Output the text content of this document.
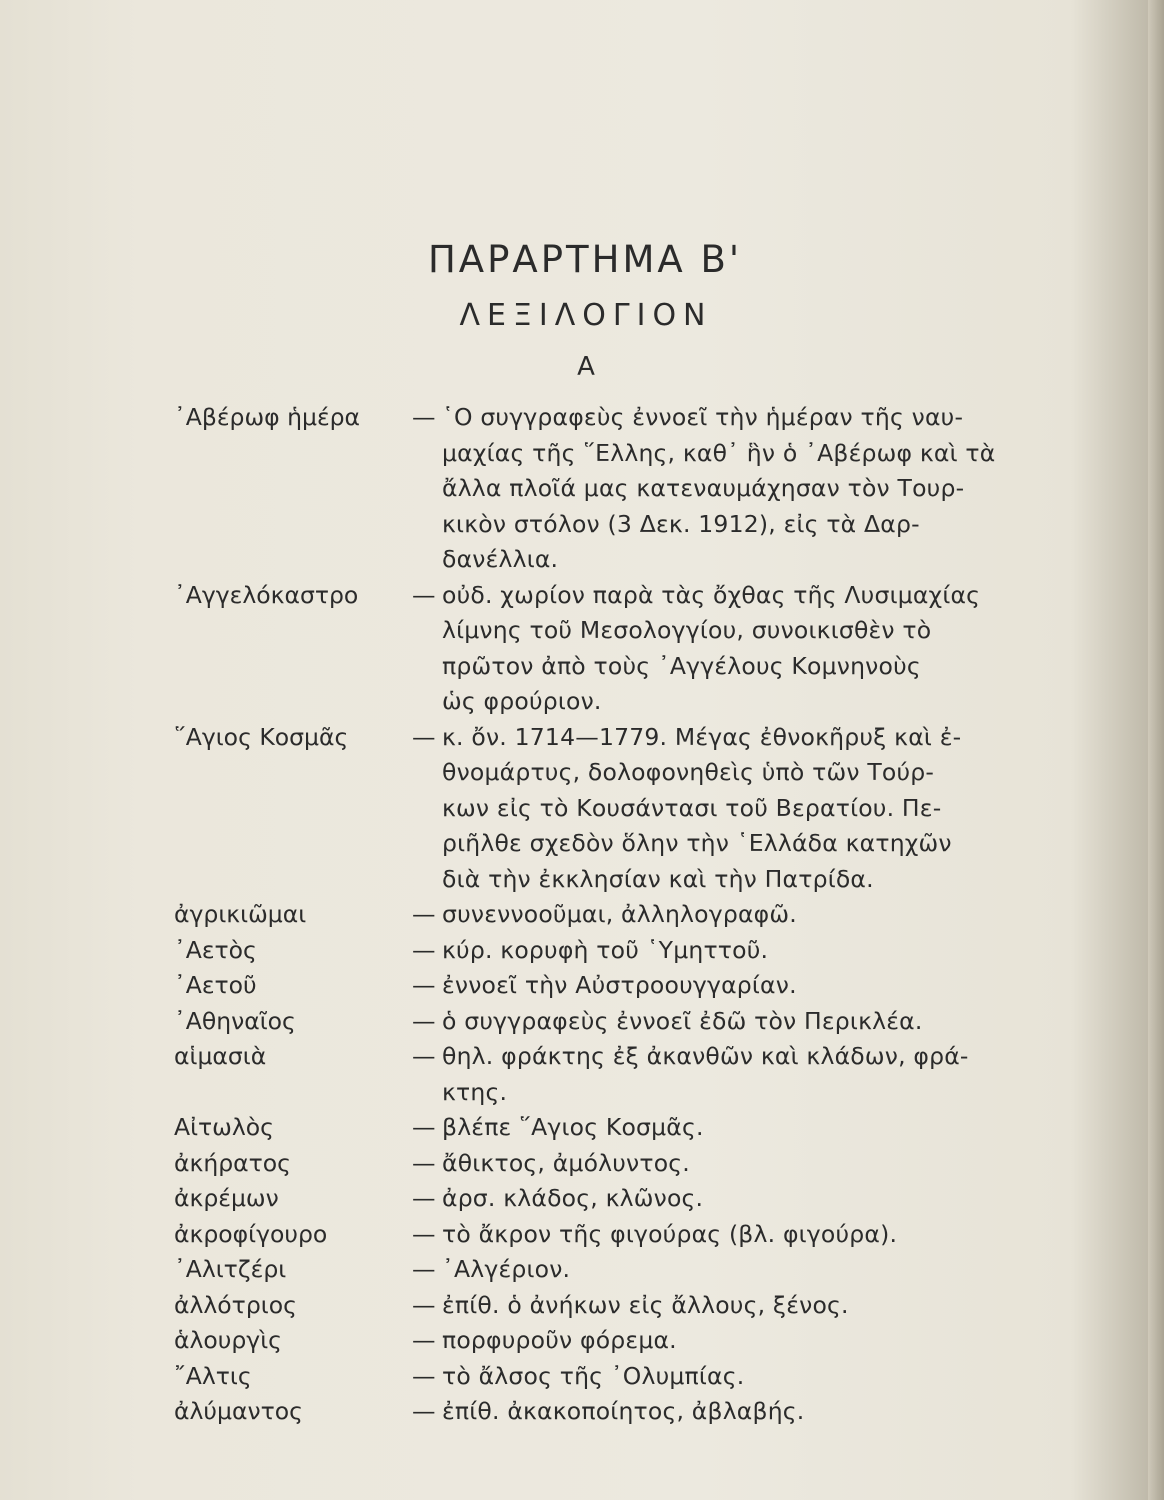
ΠΑΡΑΡΤΗΜΑ Β'
ΛΕΞΙΛΟΓΙΟΝ
Α
᾿Αβέρωφ ἡμέρα	— ῾Ο συγγραφεὺς ἐννοεῖ τὴν ἡμέραν τῆς ναυ-
μαχίας τῆς ῞Ελλης, καθ᾿ ἣν ὁ ᾿Αβέρωφ καὶ τὰ
ἄλλα πλοῖά μας κατεναυμάχησαν τὸν Τουρ-
κικὸν στόλον (3 Δεκ. 1912), εἰς τὰ Δαρ-
δανέλλια.
᾿Αγγελόκαστρο	— οὐδ. χωρίον παρὰ τὰς ὄχθας τῆς Λυσιμαχίας
λίμνης τοῦ Μεσολογγίου, συνοικισθὲν τὸ
πρῶτον ἀπὸ τοὺς ᾿Αγγέλους Κομνηνοὺς
ὡς φρούριον.
῞Αγιος Κοσμᾶς	— κ. ὄν. 1714—1779. Μέγας ἐθνοκῆρυξ καὶ ἐ-
θνομάρτυς, δολοφονηθεὶς ὑπὸ τῶν Τούρ-
κων εἰς τὸ Κουσάντασι τοῦ Βερατίου. Πε-
ριῆλθε σχεδὸν ὅλην τὴν ῾Ελλάδα κατηχῶν
διὰ τὴν ἐκκλησίαν καὶ τὴν Πατρίδα.
ἀγρικιῶμαι	— συνεννοοῦμαι, ἀλληλογραφῶ.
᾿Αετὸς	— κύρ. κορυφὴ τοῦ ῾Υμηττοῦ.
᾿Αετοῦ	— ἐννοεῖ τὴν Αὐστροουγγαρίαν.
᾿Αθηναῖος	— ὁ συγγραφεὺς ἐννοεῖ ἐδῶ τὸν Περικλέα.
αἱμασιὰ	— θηλ. φράκτης ἐξ ἀκανθῶν καὶ κλάδων, φρά-
κτης.
Αἰτωλὸς	— βλέπε ῞Αγιος Κοσμᾶς.
ἀκήρατος	— ἄθικτος, ἀμόλυντος.
ἀκρέμων	— ἀρσ. κλάδος, κλῶνος.
ἀκροφίγουρο	— τὸ ἄκρον τῆς φιγούρας (βλ. φιγούρα).
᾿Αλιτζέρι	— ᾿Αλγέριον.
ἀλλότριος	— ἐπίθ. ὁ ἀνήκων εἰς ἄλλους, ξένος.
ἁλουργὶς	— πορφυροῦν φόρεμα.
῎Αλτις	— τὸ ἄλσος τῆς ᾿Ολυμπίας.
ἀλύμαντος	— ἐπίθ. ἀκακοποίητος, ἀβλαβής.
